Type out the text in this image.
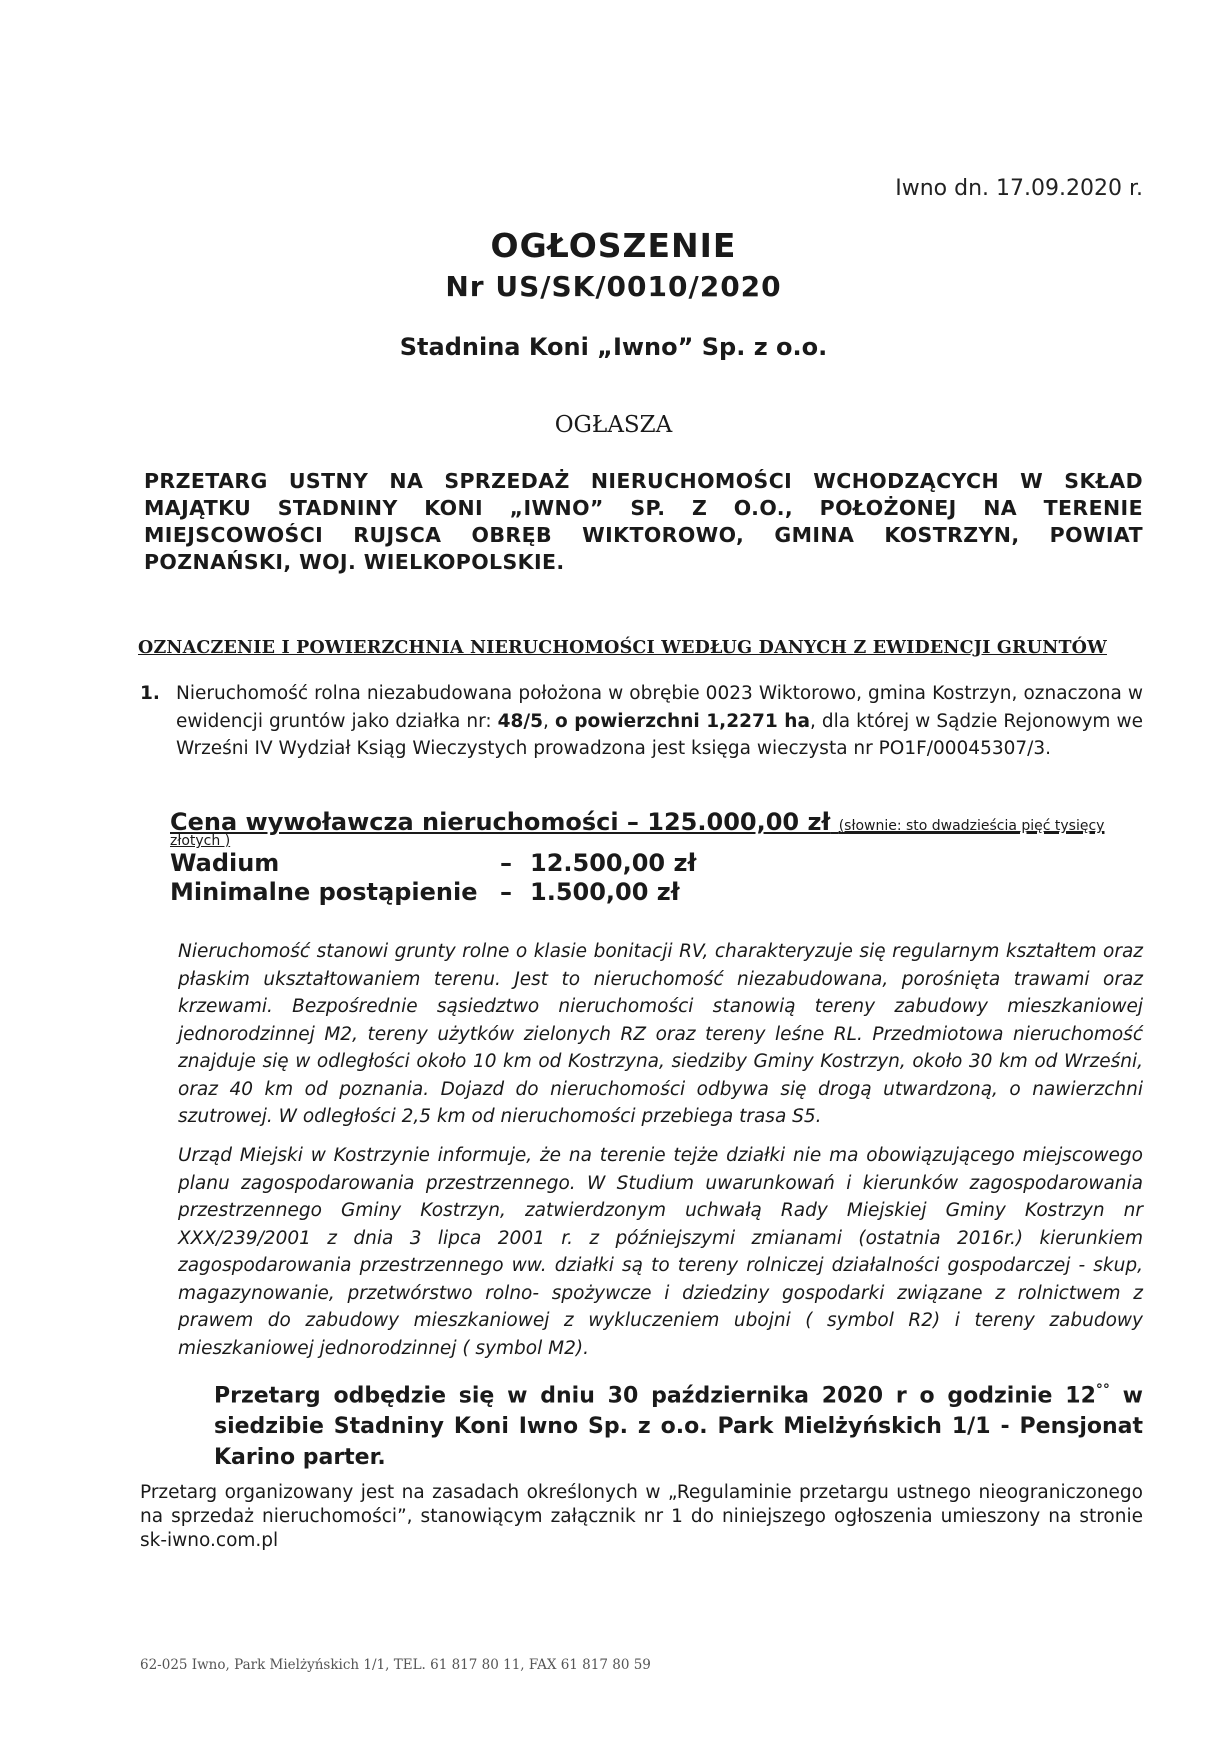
Iwno dn. 17.09.2020 r.
OGŁOSZENIE
Nr US/SK/0010/2020
Stadnina Koni „Iwno” Sp. z o.o.
OGŁASZA
PRZETARG USTNY NA SPRZEDAŻ NIERUCHOMOŚCI WCHODZĄCYCH W SKŁAD MAJĄTKU STADNINY KONI „IWNO” SP. Z O.O., POŁOŻONEJ NA TERENIE MIEJSCOWOŚCI RUJSCA OBRĘB WIKTOROWO, GMINA KOSTRZYN, POWIAT POZNAŃSKI, WOJ. WIELKOPOLSKIE.
OZNACZENIE I POWIERZCHNIA NIERUCHOMOŚCI WEDŁUG DANYCH Z EWIDENCJI GRUNTÓW
1. Nieruchomość rolna niezabudowana położona w obrębie 0023 Wiktorowo, gmina Kostrzyn, oznaczona w ewidencji gruntów jako działka nr: 48/5, o powierzchni 1,2271 ha, dla której w Sądzie Rejonowym we Wrześni IV Wydział Ksiąg Wieczystych prowadzona jest księga wieczysta nr PO1F/00045307/3.
Cena wywoławcza nieruchomości – 125.000,00 zł (słownie: sto dwadzieścia pięć tysięcy
złotych )
Wadium	– 12.500,00 zł
Minimalne postąpienie – 1.500,00 zł
Nieruchomość stanowi grunty rolne o klasie bonitacji RV, charakteryzuje się regularnym kształtem oraz płaskim ukształtowaniem terenu. Jest to nieruchomość niezabudowana, porośnięta trawami oraz krzewami. Bezpośrednie sąsiedztwo nieruchomości stanowią tereny zabudowy mieszkaniowej jednorodzinnej M2, tereny użytków zielonych RZ oraz tereny leśne RL. Przedmiotowa nieruchomość znajduje się w odległości około 10 km od Kostrzyna, siedziby Gminy Kostrzyn, około 30 km od Wrześni, oraz 40 km od poznania. Dojazd do nieruchomości odbywa się drogą utwardzoną, o nawierzchni szutrowej. W odległości 2,5 km od nieruchomości przebiega trasa S5.
Urząd Miejski w Kostrzynie informuje, że na terenie tejże działki nie ma obowiązującego miejscowego planu zagospodarowania przestrzennego. W Studium uwarunkowań i kierunków zagospodarowania przestrzennego Gminy Kostrzyn, zatwierdzonym uchwałą Rady Miejskiej Gminy Kostrzyn nr XXX/239/2001 z dnia 3 lipca 2001 r. z późniejszymi zmianami (ostatnia 2016r.) kierunkiem zagospodarowania przestrzennego ww. działki są to tereny rolniczej działalności gospodarczej - skup, magazynowanie, przetwórstwo rolno- spożywcze i dziedziny gospodarki związane z rolnictwem z prawem do zabudowy mieszkaniowej z wykluczeniem ubojni ( symbol R2) i tereny zabudowy mieszkaniowej jednorodzinnej ( symbol M2).
Przetarg odbędzie się w dniu 30 października 2020 r o godzinie 12°° w siedzibie Stadniny Koni Iwno Sp. z o.o. Park Mielżyńskich 1/1 - Pensjonat Karino parter.
Przetarg organizowany jest na zasadach określonych w „Regulaminie przetargu ustnego nieograniczonego na sprzedaż nieruchomości”, stanowiącym załącznik nr 1 do niniejszego ogłoszenia umieszony na stronie sk-iwno.com.pl
62-025 Iwno, Park Mielżyńskich 1/1, TEL. 61 817 80 11, FAX 61 817 80 59
